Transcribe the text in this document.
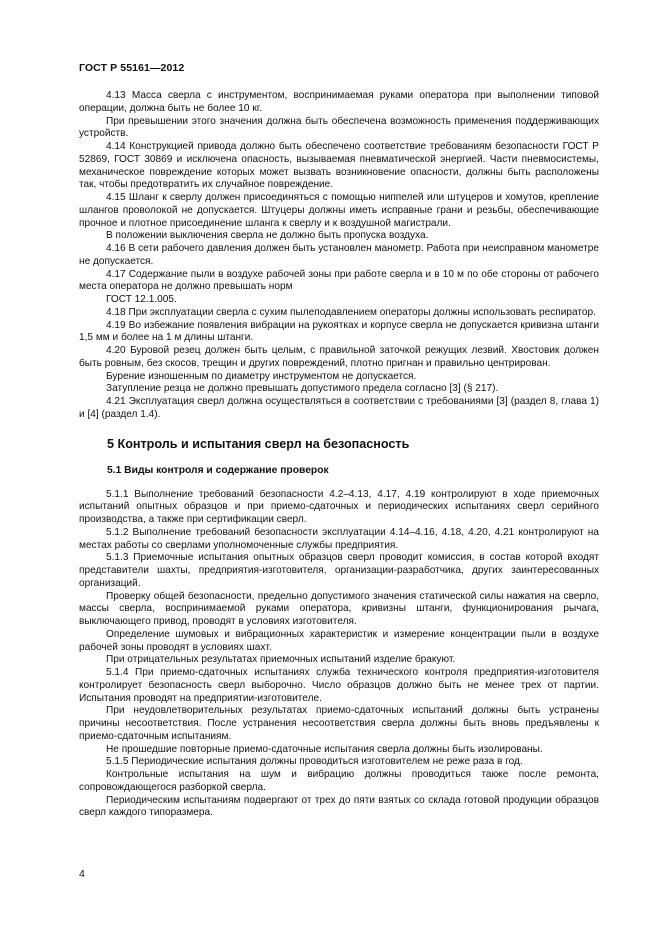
ГОСТ Р 55161—2012

4.13 Масса сверла с инструментом, воспринимаемая руками оператора при выполнении типовой операции, должна быть не более 10 кг.

При превышении этого значения должна быть обеспечена возможность применения поддерживающих устройств.

4.14 Конструкцией привода должно быть обеспечено соответствие требованиям безопасности ГОСТ Р 52869, ГОСТ 30869 и исключена опасность, вызываемая пневматической энергией. Части пневмосистемы, механическое повреждение которых может вызвать возникновение опасности, должны быть расположены так, чтобы предотвратить их случайное повреждение.

4.15 Шланг к сверлу должен присоединяться с помощью ниппелей или штуцеров и хомутов, крепление шлангов проволокой не допускается. Штуцеры должны иметь исправные грани и резьбы, обеспечивающие прочное и плотное присоединение шланга к сверлу и к воздушной магистрали.

В положении выключения сверла не должно быть пропуска воздуха.

4.16 В сети рабочего давления должен быть установлен манометр. Работа при неисправном манометре не допускается.

4.17 Содержание пыли в воздухе рабочей зоны при работе сверла и в 10 м по обе стороны от рабочего места оператора не должно превышать норм

ГОСТ 12.1.005.

4.18 При эксплуатации сверла с сухим пылеподавлением операторы должны использовать респиратор.

4.19 Во избежание появления вибрации на рукоятках и корпусе сверла не допускается кривизна штанги 1,5 мм и более на 1 м длины штанги.

4.20 Буровой резец должен быть целым, с правильной заточкой режущих лезвий. Хвостовик должен быть ровным, без скосов, трещин и других повреждений, плотно пригнан и правильно центрирован.

Бурение изношенным по диаметру инструментом не допускается.

Затупление резца не должно превышать допустимого предела согласно [3] (§ 217).

4.21 Эксплуатация сверл должна осуществляться в соответствии с требованиями [3] (раздел 8, глава 1) и [4] (раздел 1.4).

5 Контроль и испытания сверл на безопасность
5.1 Виды контроля и содержание проверок

5.1.1 Выполнение требований безопасности 4.2–4.13, 4.17, 4.19 контролируют в ходе приемочных испытаний опытных образцов и при приемо-сдаточных и периодических испытаниях сверл серийного производства, а также при сертификации сверл.

5.1.2 Выполнение требований безопасности эксплуатации 4.14–4.16, 4.18, 4.20, 4.21 контролируют на местах работы со сверлами уполномоченные службы предприятия.

5.1.3 Приемочные испытания опытных образцов сверл проводит комиссия, в состав которой входят представители шахты, предприятия-изготовителя, организации-разработчика, других заинтересованных организаций.

Проверку общей безопасности, предельно допустимого значения статической силы нажатия на сверло, массы сверла, воспринимаемой руками оператора, кривизны штанги, функционирования рычага, выключающего привод, проводят в условиях изготовителя.

Определение шумовых и вибрационных характеристик и измерение концентрации пыли в воздухе рабочей зоны проводят в условиях шахт.

При отрицательных результатах приемочных испытаний изделие бракуют.

5.1.4 При приемо-сдаточных испытаниях служба технического контроля предприятия-изготовителя контролирует безопасность сверл выборочно. Число образцов должно быть не менее трех от партии. Испытания проводят на предприятии-изготовителе.

При неудовлетворительных результатах приемо-сдаточных испытаний должны быть устранены причины несоответствия. После устранения несоответствия сверла должны быть вновь предъявлены к приемо-сдаточным испытаниям.

Не прошедшие повторные приемо-сдаточные испытания сверла должны быть изолированы.

5.1.5 Периодические испытания должны проводиться изготовителем не реже раза в год.

Контрольные испытания на шум и вибрацию должны проводиться также после ремонта, сопровождающегося разборкой сверла.

Периодическим испытаниям подвергают от трех до пяти взятых со склада готовой продукции образцов сверл каждого типоразмера.

4
